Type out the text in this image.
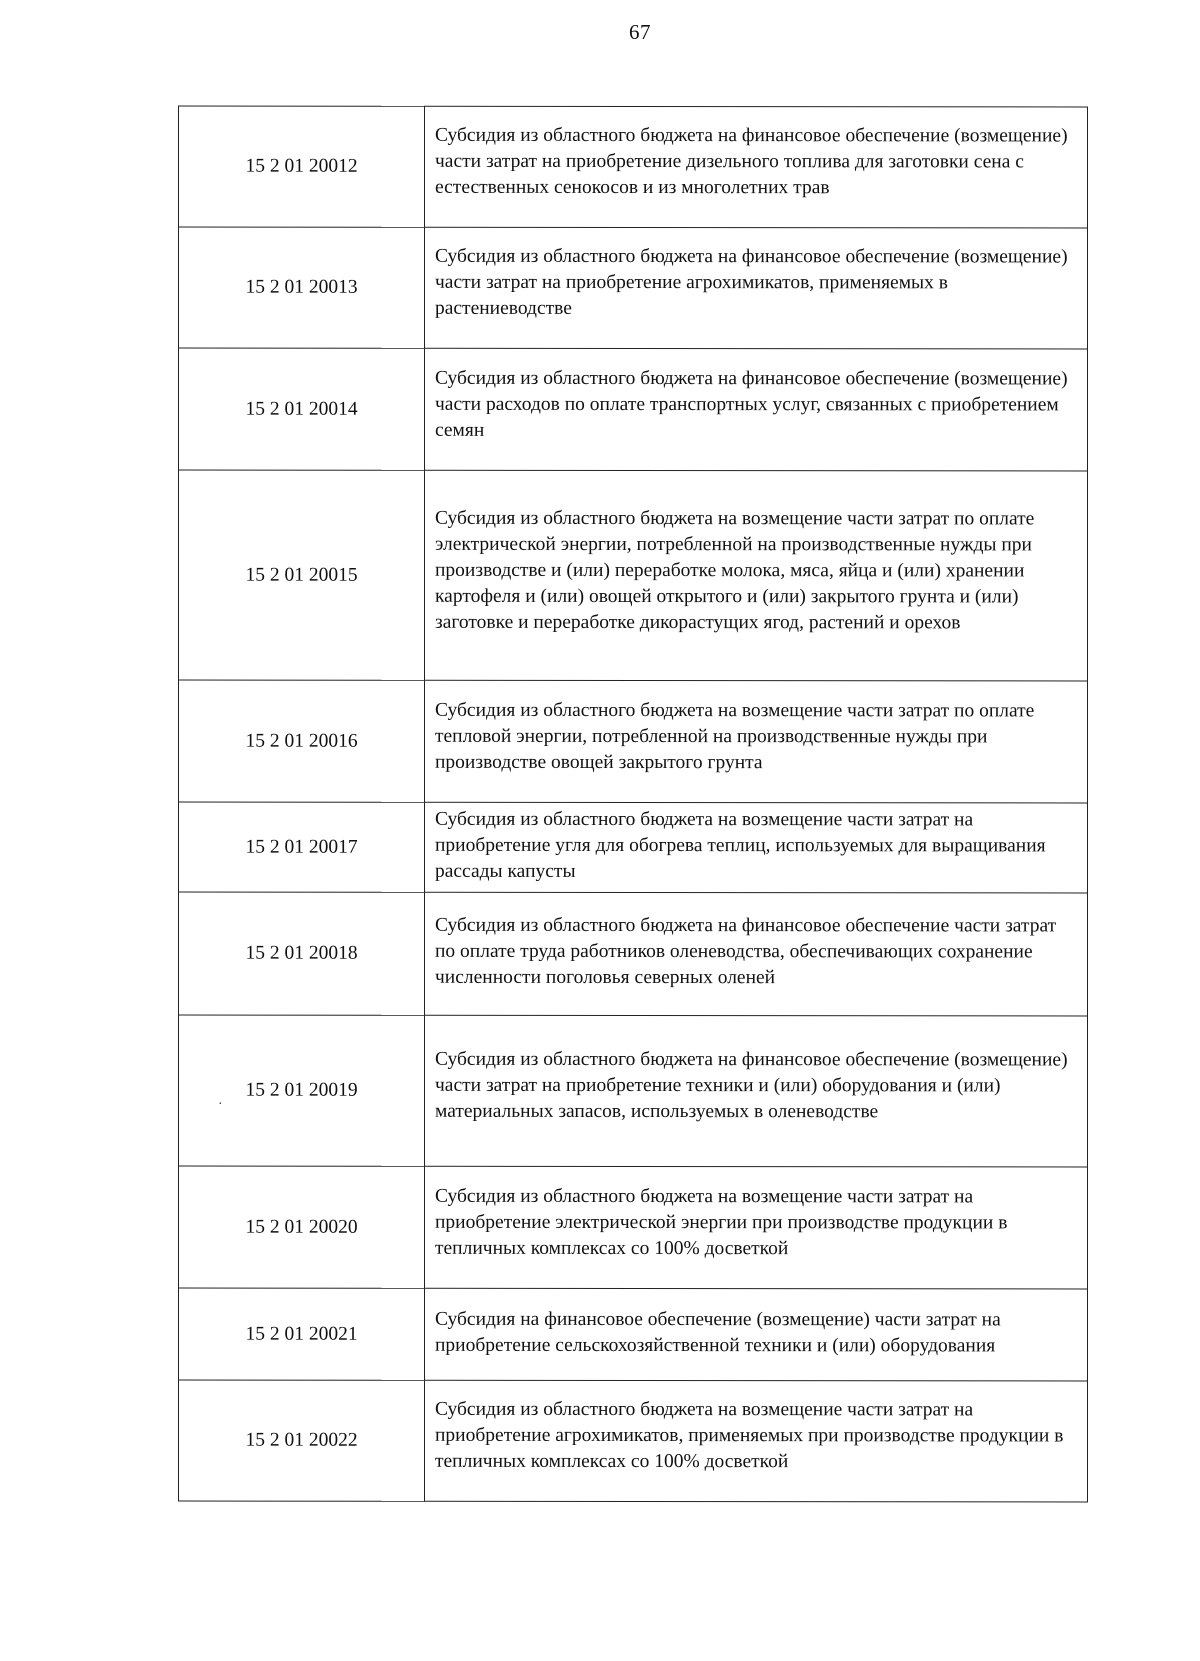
67
·
15 2 01 20012	Субсидия из областного бюджета на финансовое обеспечение (возмещение) части затрат на приобретение дизельного топлива для заготовки сена с естественных сенокосов и из многолетних трав

15 2 01 20013	Субсидия из областного бюджета на финансовое обеспечение (возмещение) части затрат на приобретение агрохимикатов, применяемых в растениеводстве

15 2 01 20014	Субсидия из областного бюджета на финансовое обеспечение (возмещение) части расходов по оплате транспортных услуг, связанных с приобретением семян

15 2 01 20015	Субсидия из областного бюджета на возмещение части затрат по оплате электрической энергии, потребленной на производственные нужды при производстве и (или) переработке молока, мяса, яйца и (или) хранении картофеля и (или) овощей открытого и (или) закрытого грунта и (или) заготовке и переработке дикорастущих ягод, растений и орехов

15 2 01 20016	Субсидия из областного бюджета на возмещение части затрат по оплате тепловой энергии, потребленной на производственные нужды при производстве овощей закрытого грунта

15 2 01 20017	Субсидия из областного бюджета на возмещение части затрат на приобретение угля для обогрева теплиц, используемых для выращивания рассады капусты

15 2 01 20018	Субсидия из областного бюджета на финансовое обеспечение части затрат по оплате труда работников оленеводства, обеспечивающих сохранение численности поголовья северных оленей

15 2 01 20019	Субсидия из областного бюджета на финансовое обеспечение (возмещение) части затрат на приобретение техники и (или) оборудования и (или) материальных запасов, используемых в оленеводстве

15 2 01 20020	Субсидия из областного бюджета на возмещение части затрат на приобретение электрической энергии при производстве продукции в тепличных комплексах со 100% досветкой

15 2 01 20021	Субсидия на финансовое обеспечение (возмещение) части затрат на приобретение сельскохозяйственной техники и (или) оборудования

15 2 01 20022	Субсидия из областного бюджета на возмещение части затрат на приобретение агрохимикатов, применяемых при производстве продукции в тепличных комплексах со 100% досветкой
